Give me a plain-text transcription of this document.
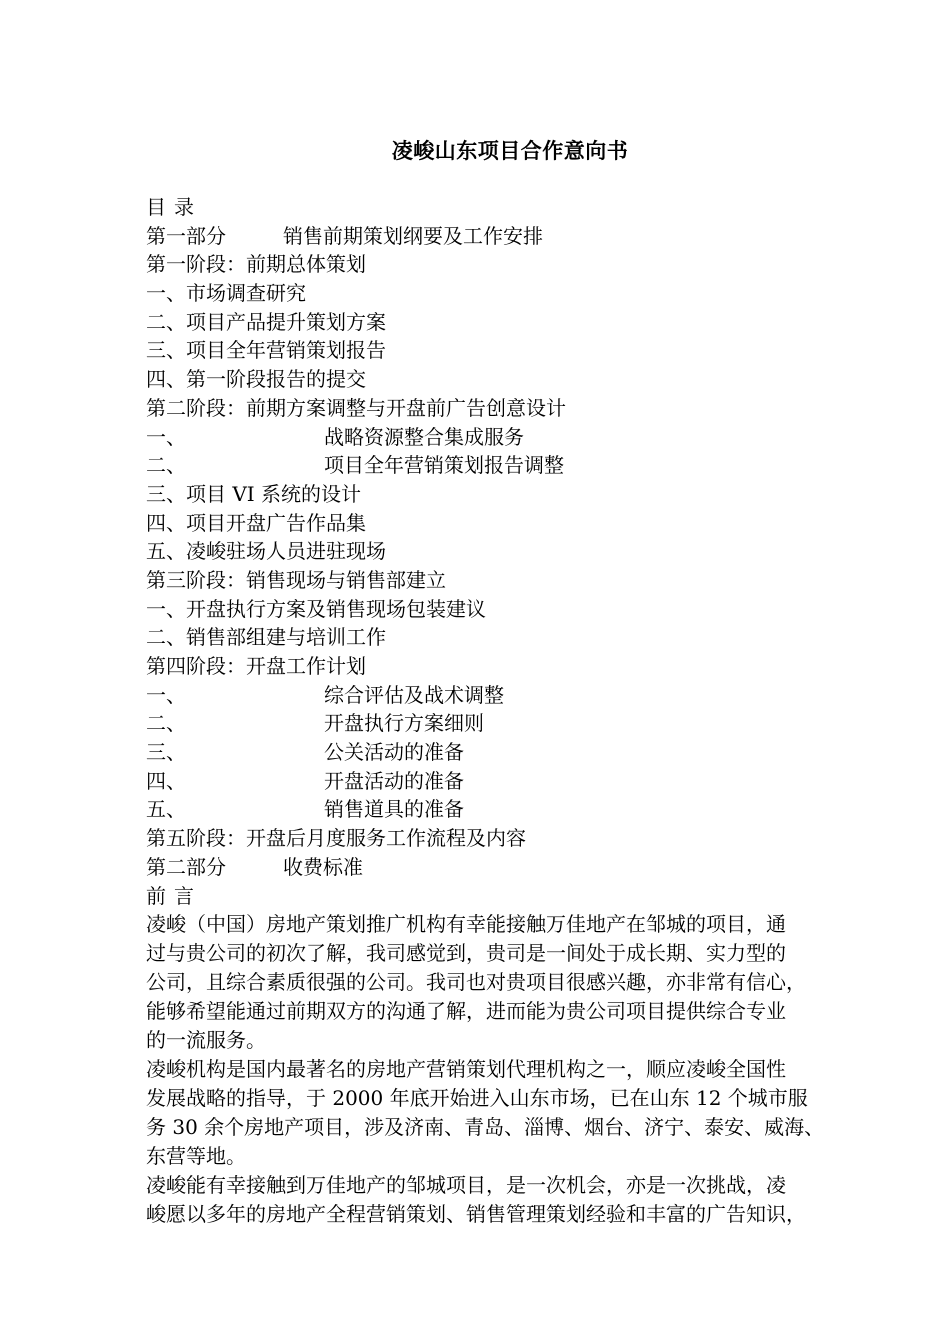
凌峻山东项目合作意向书
目 录
第一部分	销售前期策划纲要及工作安排
第一阶段：前期总体策划
一、市场调查研究
二、项目产品提升策划方案
三、项目全年营销策划报告
四、第一阶段报告的提交
第二阶段：前期方案调整与开盘前广告创意设计
一、	战略资源整合集成服务
二、	项目全年营销策划报告调整
三、项目 VI 系统的设计
四、项目开盘广告作品集
五、凌峻驻场人员进驻现场
第三阶段：销售现场与销售部建立
一、开盘执行方案及销售现场包装建议
二、销售部组建与培训工作
第四阶段：开盘工作计划
一、	综合评估及战术调整
二、	开盘执行方案细则
三、	公关活动的准备
四、	开盘活动的准备
五、	销售道具的准备
第五阶段：开盘后月度服务工作流程及内容
第二部分	收费标准
前 言

凌峻（中国）房地产策划推广机构有幸能接触万佳地产在邹城的项目，通
过与贵公司的初次了解，我司感觉到，贵司是一间处于成长期、实力型的
公司，且综合素质很强的公司。我司也对贵项目很感兴趣，亦非常有信心，
能够希望能通过前期双方的沟通了解，进而能为贵公司项目提供综合专业
的一流服务。

凌峻机构是国内最著名的房地产营销策划代理机构之一，顺应凌峻全国性
发展战略的指导，于 2000 年底开始进入山东市场，已在山东 12 个城市服
务 30 余个房地产项目，涉及济南、青岛、淄博、烟台、济宁、泰安、威海、
东营等地。

凌峻能有幸接触到万佳地产的邹城项目，是一次机会，亦是一次挑战，凌
峻愿以多年的房地产全程营销策划、销售管理策划经验和丰富的广告知识，
